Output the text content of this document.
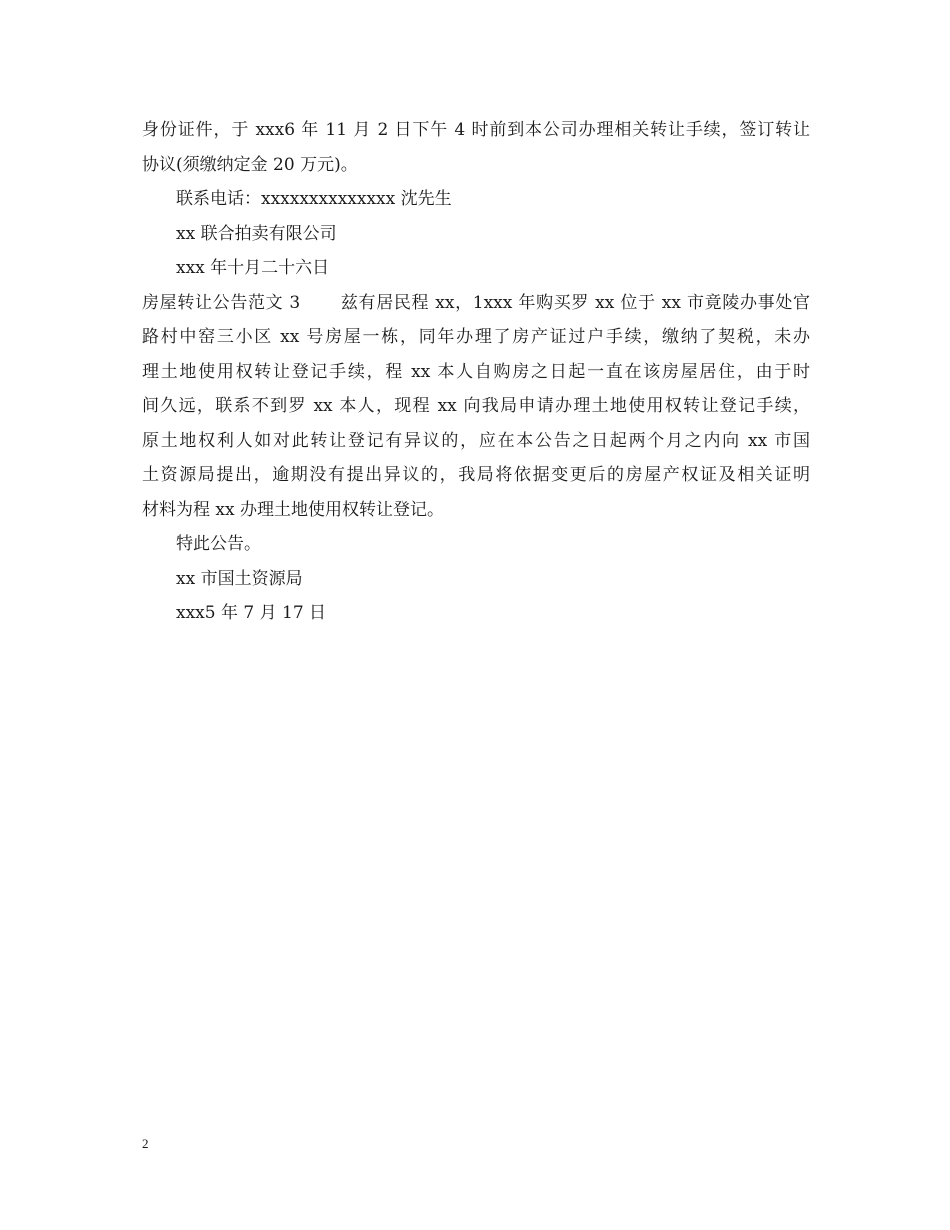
身份证件，于 xxx6 年 11 月 2 日下午 4 时前到本公司办理相关转让手续，签订转让

协议(须缴纳定金 20 万元)。

联系电话：xxxxxxxxxxxxxx 沈先生

xx 联合拍卖有限公司

xxx 年十月二十六日

房屋转让公告范文 3 兹有居民程 xx，1xxx 年购买罗 xx 位于 xx 市竟陵办事处官

路村中窑三小区 xx 号房屋一栋，同年办理了房产证过户手续，缴纳了契税，未办

理土地使用权转让登记手续，程 xx 本人自购房之日起一直在该房屋居住，由于时

间久远，联系不到罗 xx 本人，现程 xx 向我局申请办理土地使用权转让登记手续，

原土地权利人如对此转让登记有异议的，应在本公告之日起两个月之内向 xx 市国

土资源局提出，逾期没有提出异议的，我局将依据变更后的房屋产权证及相关证明

材料为程 xx 办理土地使用权转让登记。

特此公告。

xx 市国土资源局

xxx5 年 7 月 17 日

2
